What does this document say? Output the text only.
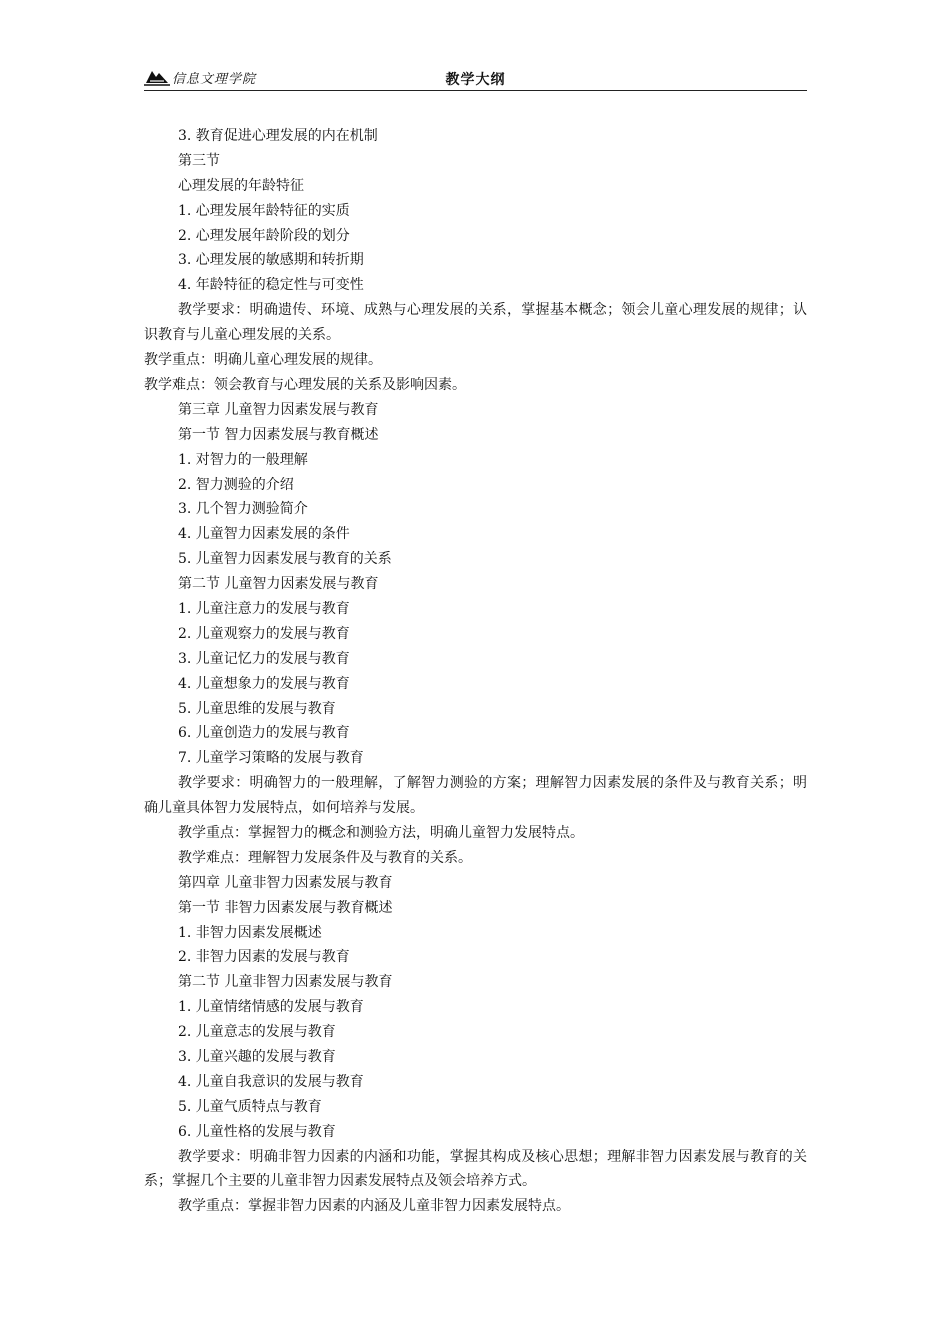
信息文理学院	教学大纲
3. 教育促进心理发展的内在机制
第三节
心理发展的年龄特征
1. 心理发展年龄特征的实质
2. 心理发展年龄阶段的划分
3. 心理发展的敏感期和转折期
4. 年龄特征的稳定性与可变性

教学要求：明确遗传、环境、成熟与心理发展的关系，掌握基本概念；领会儿童心理发展的规律；认识教育与儿童心理发展的关系。

教学重点：明确儿童心理发展的规律。
教学难点：领会教育与心理发展的关系及影响因素。
第三章 儿童智力因素发展与教育
第一节 智力因素发展与教育概述
1. 对智力的一般理解
2. 智力测验的介绍
3. 几个智力测验简介
4. 儿童智力因素发展的条件
5. 儿童智力因素发展与教育的关系
第二节 儿童智力因素发展与教育
1. 儿童注意力的发展与教育
2. 儿童观察力的发展与教育
3. 儿童记忆力的发展与教育
4. 儿童想象力的发展与教育
5. 儿童思维的发展与教育
6. 儿童创造力的发展与教育
7. 儿童学习策略的发展与教育

教学要求：明确智力的一般理解，了解智力测验的方案；理解智力因素发展的条件及与教育关系；明确儿童具体智力发展特点，如何培养与发展。

教学重点：掌握智力的概念和测验方法，明确儿童智力发展特点。
教学难点：理解智力发展条件及与教育的关系。
第四章 儿童非智力因素发展与教育
第一节 非智力因素发展与教育概述
1. 非智力因素发展概述
2. 非智力因素的发展与教育
第二节 儿童非智力因素发展与教育
1. 儿童情绪情感的发展与教育
2. 儿童意志的发展与教育
3. 儿童兴趣的发展与教育
4. 儿童自我意识的发展与教育
5. 儿童气质特点与教育
6. 儿童性格的发展与教育

教学要求：明确非智力因素的内涵和功能，掌握其构成及核心思想；理解非智力因素发展与教育的关系；掌握几个主要的儿童非智力因素发展特点及领会培养方式。

教学重点：掌握非智力因素的内涵及儿童非智力因素发展特点。
